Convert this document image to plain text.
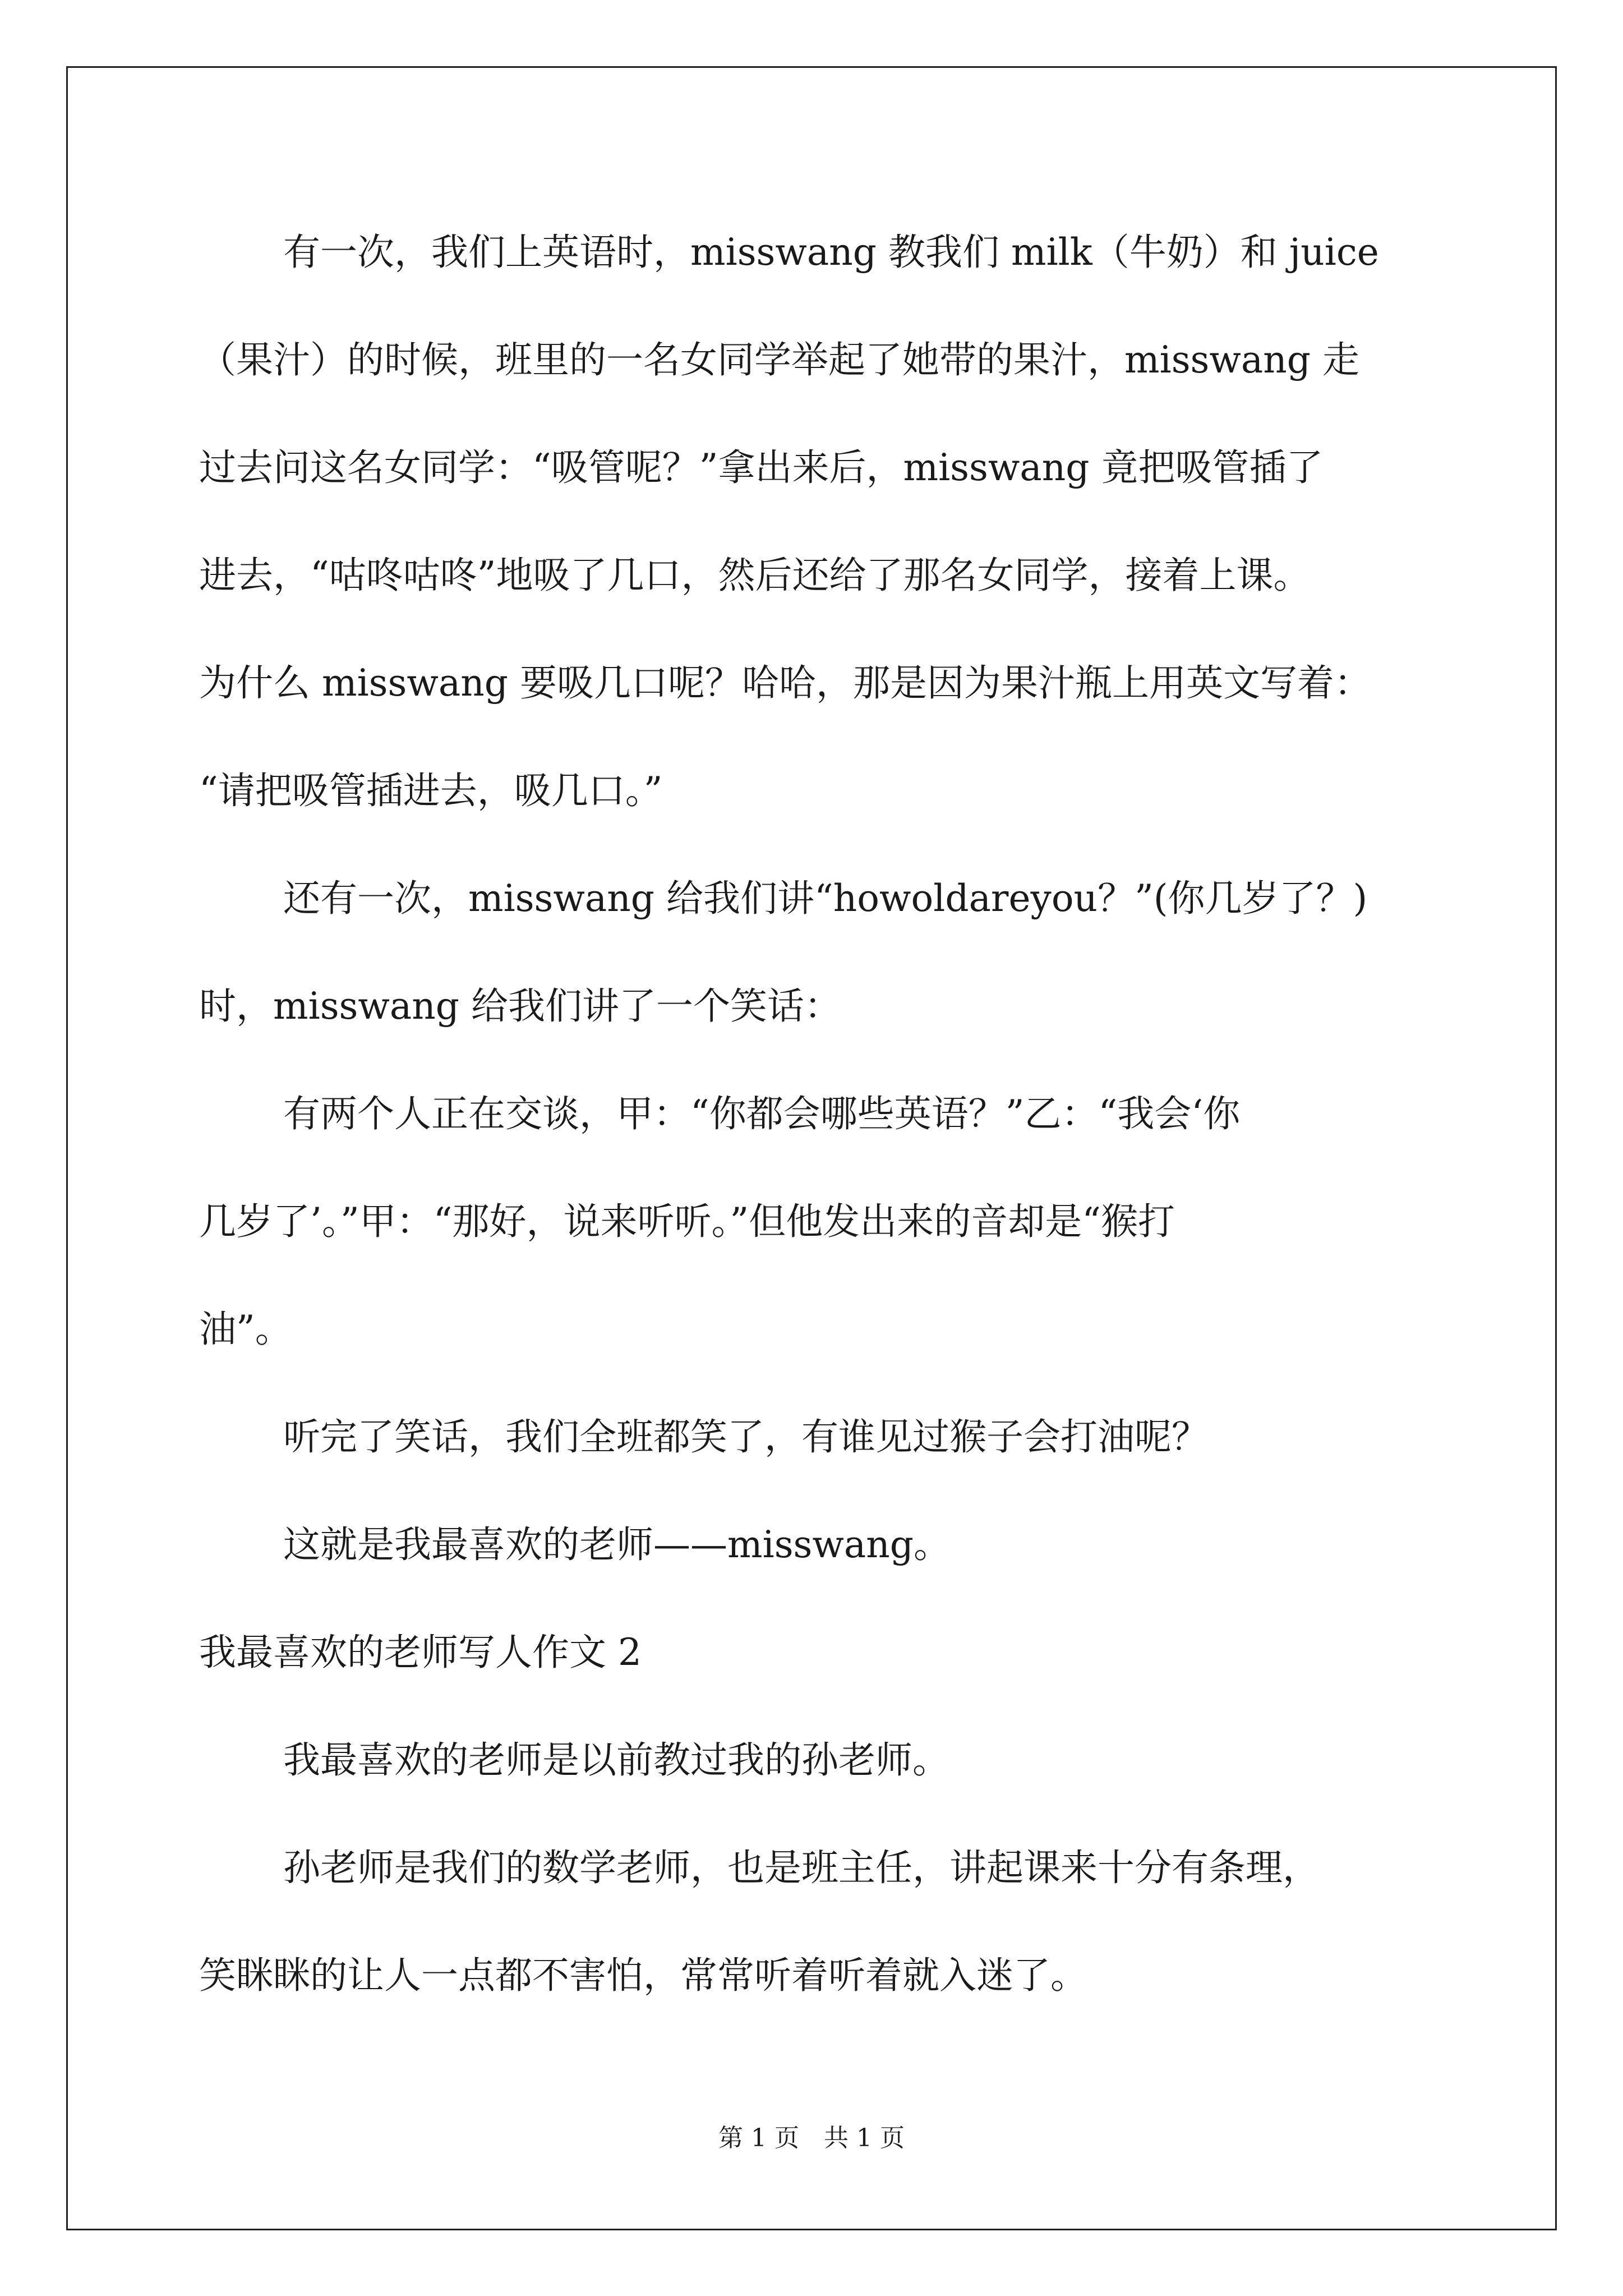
有一次，我们上英语时，misswang 教我们 milk（牛奶）和 juice
（果汁）的时候，班里的一名女同学举起了她带的果汁，misswang 走
过去问这名女同学：“吸管呢？”拿出来后，misswang 竟把吸管插了
进去，“咕咚咕咚”地吸了几口，然后还给了那名女同学，接着上课。
为什么 misswang 要吸几口呢？哈哈，那是因为果汁瓶上用英文写着：
“请把吸管插进去，吸几口。”
还有一次，misswang 给我们讲“howoldareyou？”(你几岁了？)
时，misswang 给我们讲了一个笑话：
有两个人正在交谈，甲：“你都会哪些英语？”乙：“我会‘你
几岁了’。”甲：“那好，说来听听。”但他发出来的音却是“猴打
油”。
听完了笑话，我们全班都笑了，有谁见过猴子会打油呢？
这就是我最喜欢的老师——misswang。
我最喜欢的老师写人作文 2
我最喜欢的老师是以前教过我的孙老师。
孙老师是我们的数学老师，也是班主任，讲起课来十分有条理，
笑眯眯的让人一点都不害怕，常常听着听着就入迷了。
第 1 页　共 1 页
